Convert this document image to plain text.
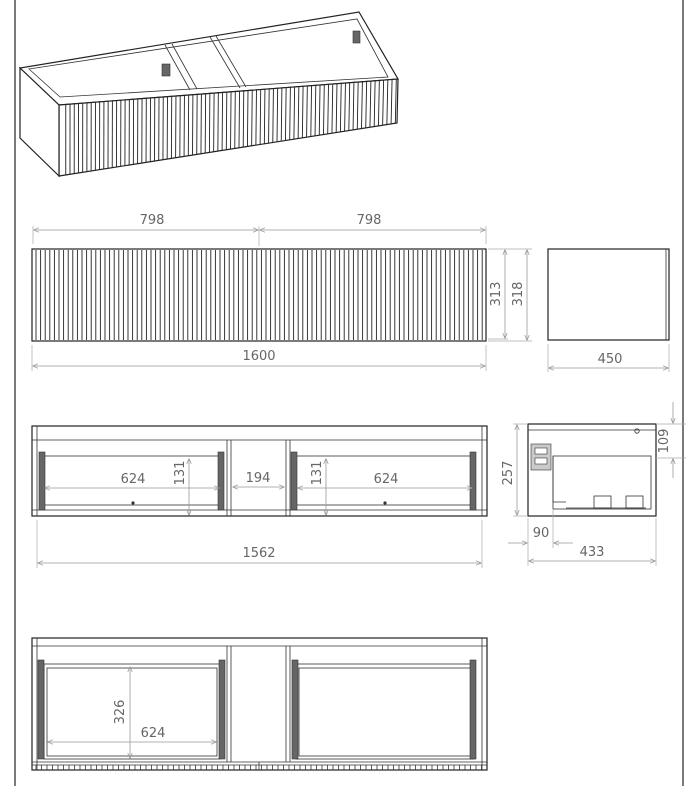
798	798
313 318
1600	450
624 131	194	131	624
1562
257
109
90
433
326
624
